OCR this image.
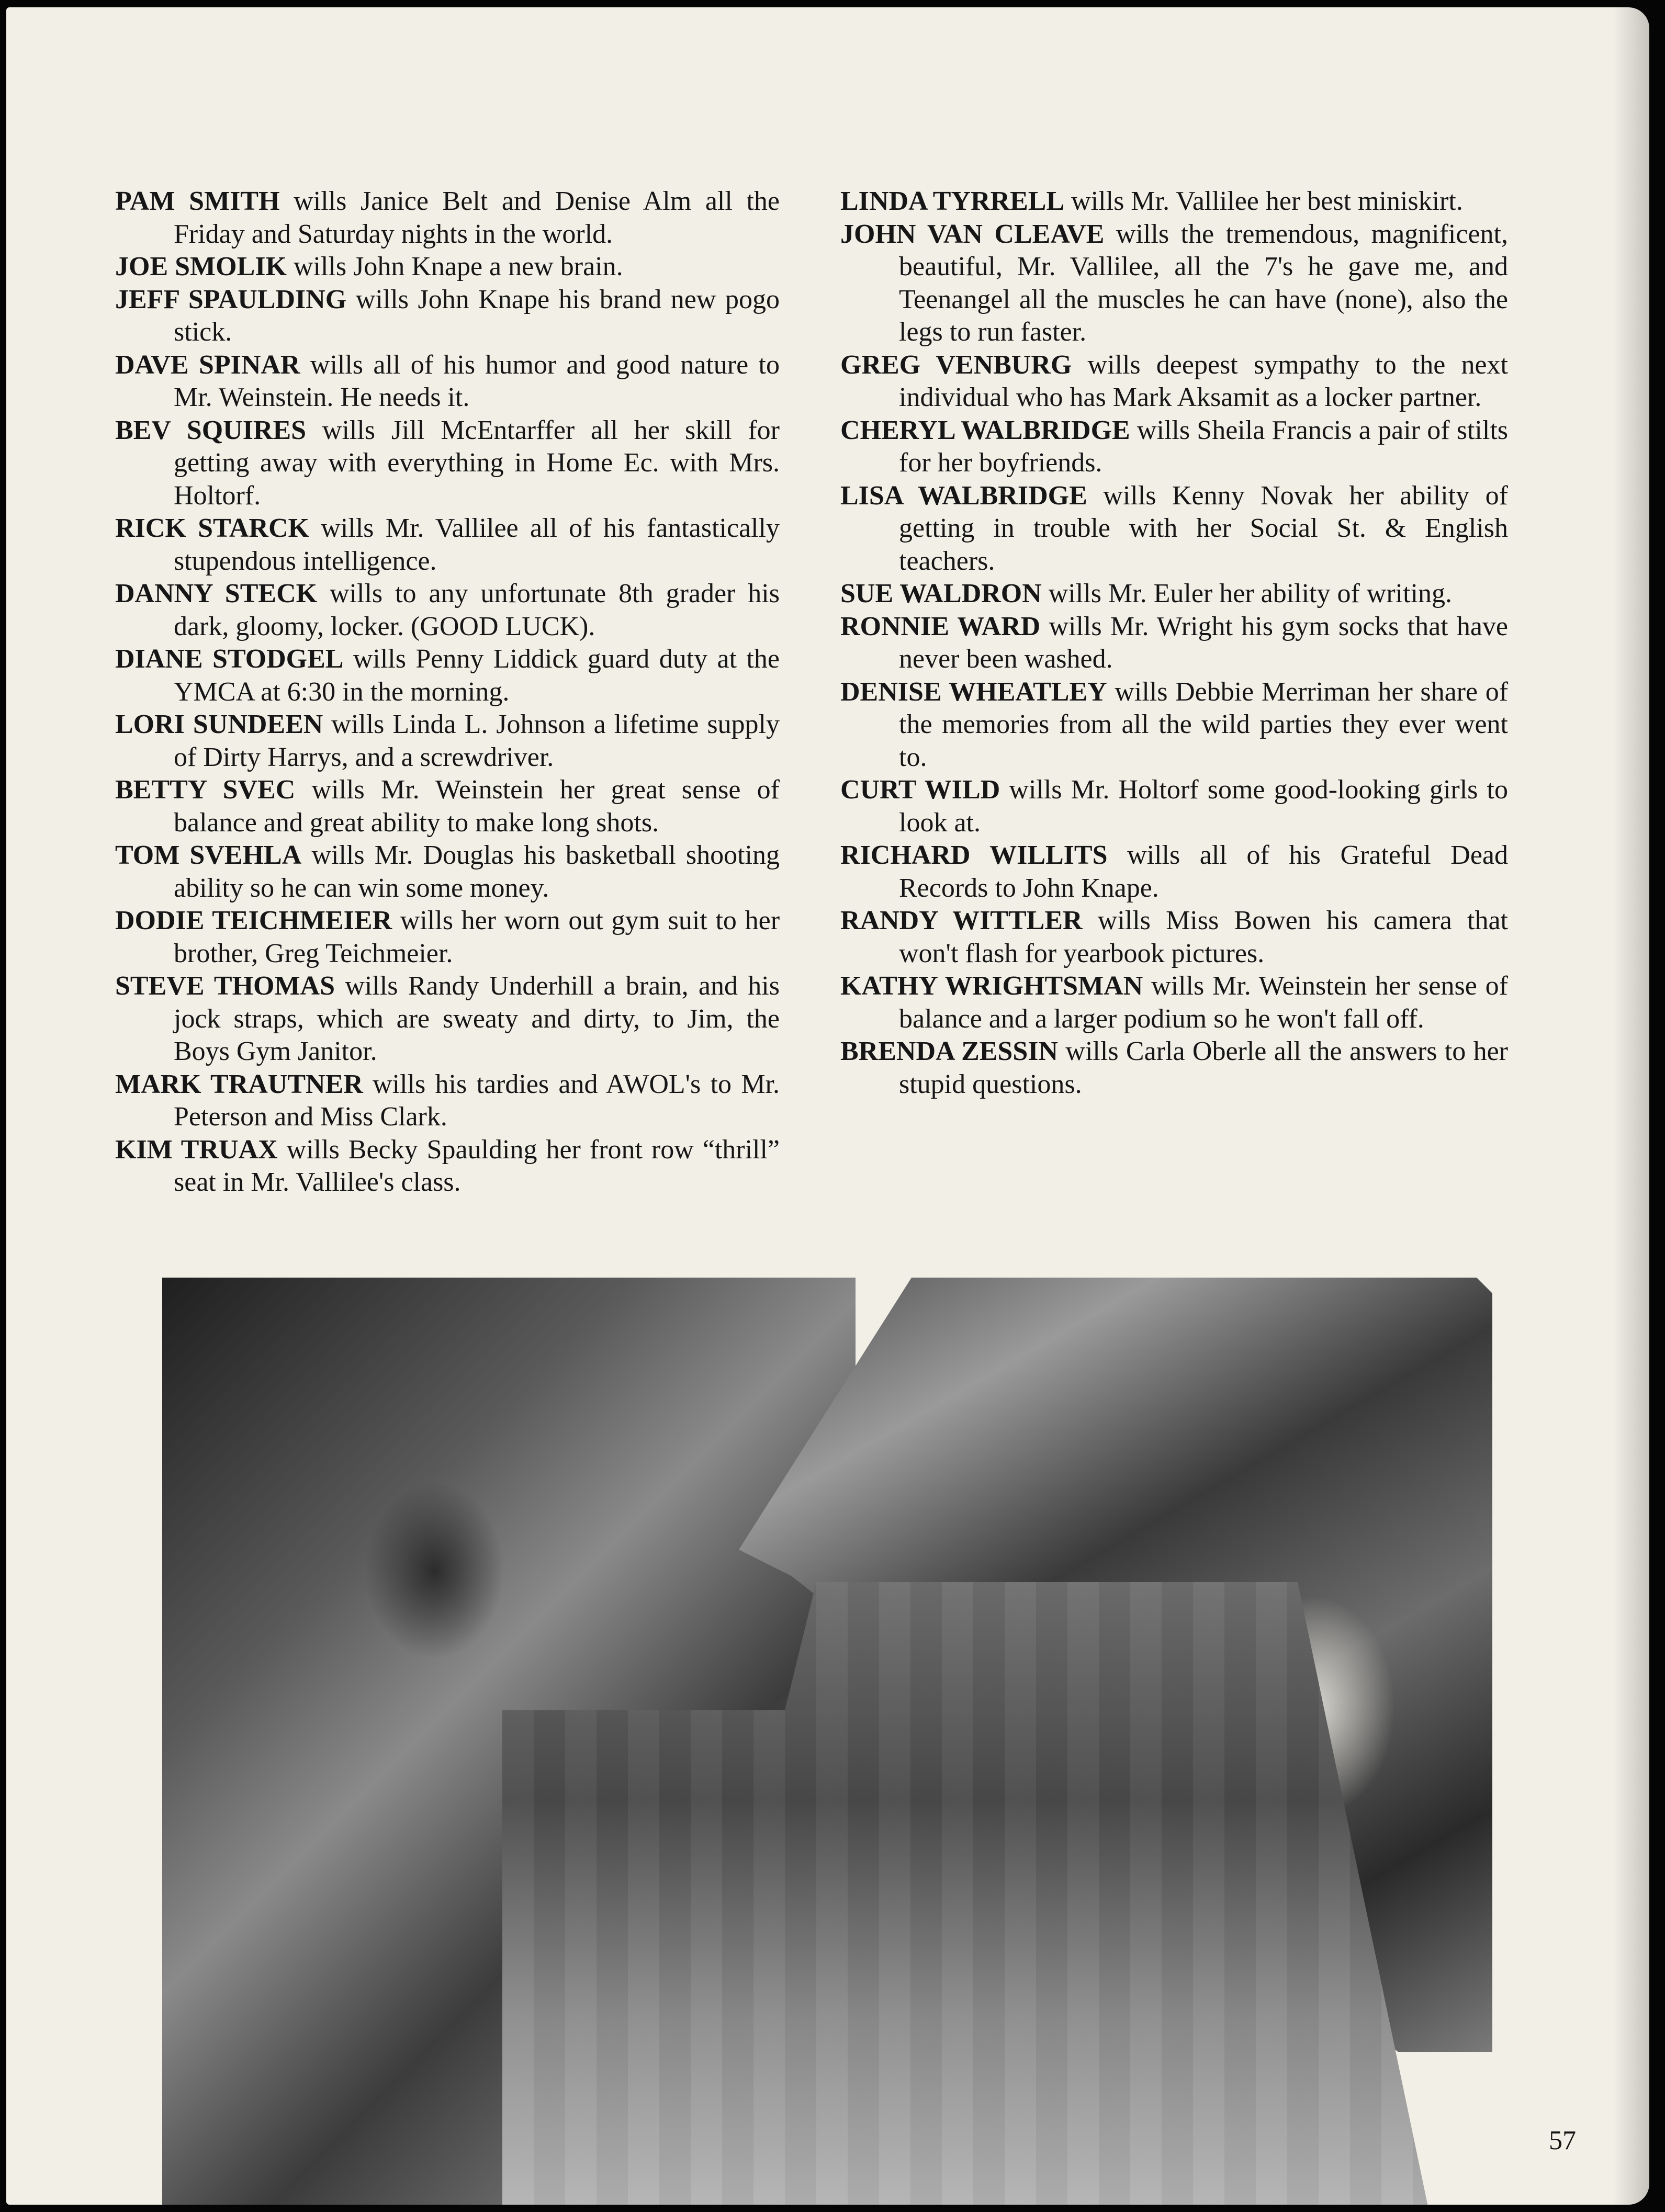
PAM SMITH wills Janice Belt and Denise Alm all the Friday and Saturday nights in the world.

JOE SMOLIK wills John Knape a new brain.

JEFF SPAULDING wills John Knape his brand new pogo stick.

DAVE SPINAR wills all of his humor and good nature to Mr. Weinstein. He needs it.

BEV SQUIRES wills Jill McEntarffer all her skill for getting away with everything in Home Ec. with Mrs. Holtorf.

RICK STARCK wills Mr. Vallilee all of his fantastically stupendous intelligence.

DANNY STECK wills to any unfortunate 8th grader his dark, gloomy, locker. (GOOD LUCK).

DIANE STODGEL wills Penny Liddick guard duty at the YMCA at 6:30 in the morning.

LORI SUNDEEN wills Linda L. Johnson a lifetime supply of Dirty Harrys, and a screwdriver.

BETTY SVEC wills Mr. Weinstein her great sense of balance and great ability to make long shots.

TOM SVEHLA wills Mr. Douglas his basketball shooting ability so he can win some money.

DODIE TEICHMEIER wills her worn out gym suit to her brother, Greg Teichmeier.

STEVE THOMAS wills Randy Underhill a brain, and his jock straps, which are sweaty and dirty, to Jim, the Boys Gym Janitor.

MARK TRAUTNER wills his tardies and AWOL's to Mr. Peterson and Miss Clark.

KIM TRUAX wills Becky Spaulding her front row “thrill” seat in Mr. Vallilee's class.

LINDA TYRRELL wills Mr. Vallilee her best miniskirt.

JOHN VAN CLEAVE wills the tremendous, magnificent, beautiful, Mr. Vallilee, all the 7's he gave me, and Teenangel all the muscles he can have (none), also the legs to run faster.

GREG VENBURG wills deepest sympathy to the next individual who has Mark Aksamit as a locker partner.

CHERYL WALBRIDGE wills Sheila Francis a pair of stilts for her boyfriends.

LISA WALBRIDGE wills Kenny Novak her ability of getting in trouble with her Social St. & English teachers.

SUE WALDRON wills Mr. Euler her ability of writing.

RONNIE WARD wills Mr. Wright his gym socks that have never been washed.

DENISE WHEATLEY wills Debbie Merriman her share of the memories from all the wild parties they ever went to.

CURT WILD wills Mr. Holtorf some good-looking girls to look at.

RICHARD WILLITS wills all of his Grateful Dead Records to John Knape.

RANDY WITTLER wills Miss Bowen his camera that won't flash for yearbook pictures.

KATHY WRIGHTSMAN wills Mr. Weinstein her sense of balance and a larger podium so he won't fall off.

BRENDA ZESSIN wills Carla Oberle all the answers to her stupid questions.

57
